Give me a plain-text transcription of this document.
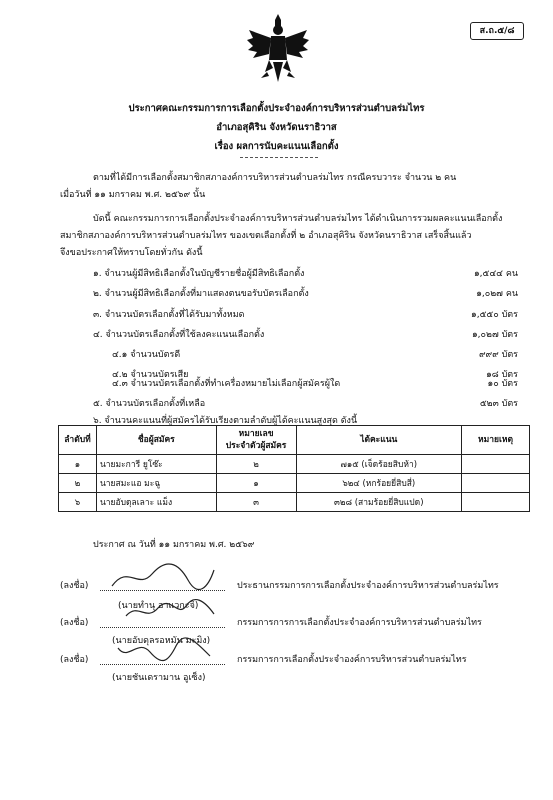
ส.ถ.๕/๘
ประกาศคณะกรรมการการเลือกตั้งประจำองค์การบริหารส่วนตำบลร่มไทร
อำเภอสุคิริน จังหวัดนราธิวาส
เรื่อง ผลการนับคะแนนเลือกตั้ง
ตามที่ได้มีการเลือกตั้งสมาชิกสภาองค์การบริหารส่วนตำบลร่มไทร กรณีครบวาระ จำนวน ๒ คน
เมื่อวันที่ ๑๑ มกราคม พ.ศ. ๒๕๖๙ นั้น
บัดนี้ คณะกรรมการการเลือกตั้งประจำองค์การบริหารส่วนตำบลร่มไทร ได้ดำเนินการรวมผลคะแนนเลือกตั้ง
สมาชิกสภาองค์การบริหารส่วนตำบลร่มไทร ของเขตเลือกตั้งที่ ๒ อำเภอสุคิริน จังหวัดนราธิวาส เสร็จสิ้นแล้ว
จึงขอประกาศให้ทราบโดยทั่วกัน ดังนี้
๑. จำนวนผู้มีสิทธิเลือกตั้งในบัญชีรายชื่อผู้มีสิทธิเลือกตั้ง	๑,๕๔๔ คน
๒. จำนวนผู้มีสิทธิเลือกตั้งที่มาแสดงตนขอรับบัตรเลือกตั้ง	๑,๐๒๗ คน
๓. จำนวนบัตรเลือกตั้งที่ได้รับมาทั้งหมด	๑,๕๕๐ บัตร
๔. จำนวนบัตรเลือกตั้งที่ใช้ลงคะแนนเลือกตั้ง	๑,๐๒๗ บัตร
๔.๑ จำนวนบัตรดี	๙๙๙ บัตร
๔.๒ จำนวนบัตรเสีย	๑๘ บัตร
๔.๓ จำนวนบัตรเลือกตั้งที่ทำเครื่องหมายไม่เลือกผู้สมัครผู้ใด	๑๐ บัตร
๕. จำนวนบัตรเลือกตั้งที่เหลือ	๕๒๓ บัตร
๖. จำนวนคะแนนที่ผู้สมัครได้รับเรียงตามลำดับผู้ได้คะแนนสูงสุด ดังนี้
ลำดับที่	ชื่อผู้สมัคร	หมายเลข
ประจำตัวผู้สมัคร	ได้คะแนน	หมายเหตุ
๑	นายมะการี ยูโซ๊ะ	๒	๗๑๕ (เจ็ดร้อยสิบห้า)	
๒	นายสมะแอ มะฉู	๑	๖๒๔ (หกร้อยยี่สิบสี่)	
๖	นายอับดุลเลาะ แม็ง	๓	๓๒๘ (สามร้อยยี่สิบแปด)	
ประกาศ ณ วันที่ ๑๑ มกราคม พ.ศ. ๒๕๖๙
(ลงชื่อ)	ประธานกรรมการการเลือกตั้งประจำองค์การบริหารส่วนตำบลร่มไทร
(นายทำนุ อาแวกะจิ)
(ลงชื่อ)	กรรมการการการเลือกตั้งประจำองค์การบริหารส่วนตำบลร่มไทร
(นายอับดุลรอหมัน มะมิง)
(ลงชื่อ)	กรรมการการเลือกตั้งประจำองค์การบริหารส่วนตำบลร่มไทร
(นายชันเดรามาน อูเซ็ง)
